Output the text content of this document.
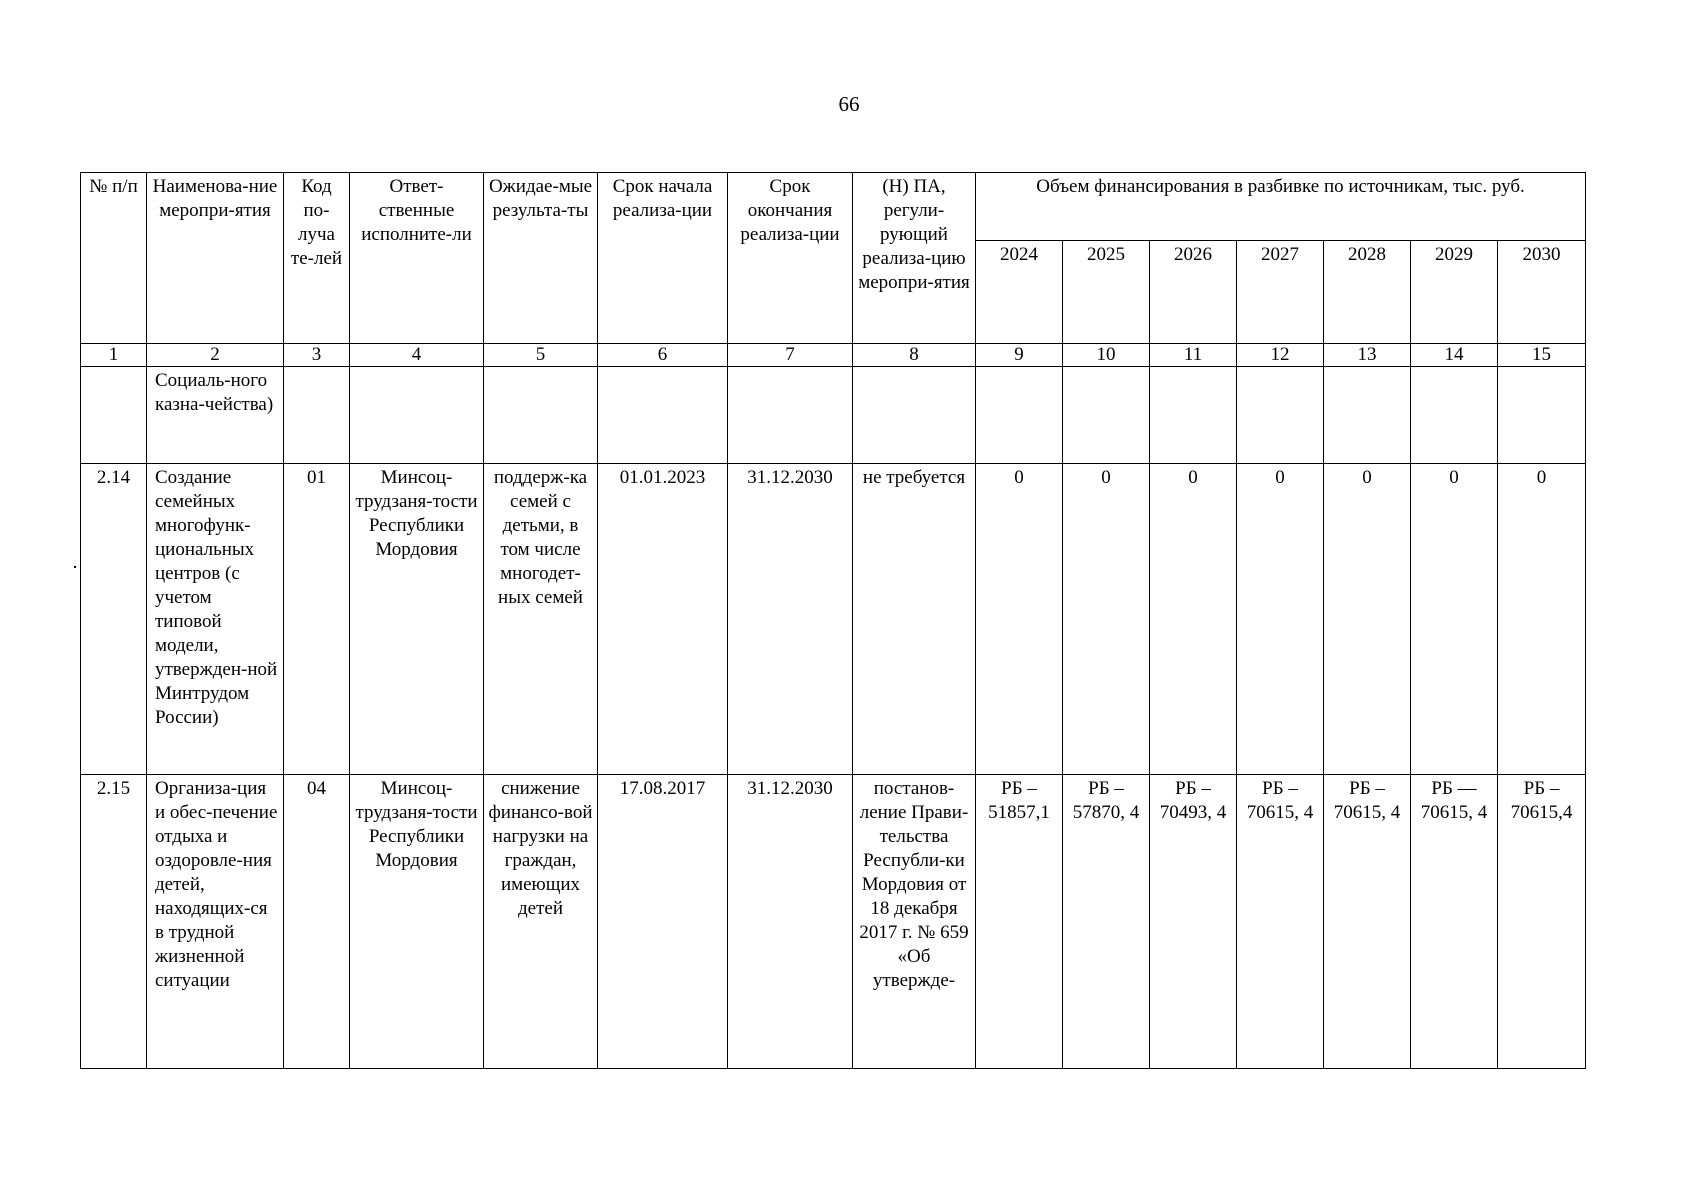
66
№ п/п	Наименова-ние меропри-ятия	Код по-луча те-лей	Ответ-ственные исполните-ли	Ожидае-мые результа-ты	Срок начала реализа-ции	Срок окончания реализа-ции	(Н) ПА, регули-рующий реализа-цию меропри-ятия	Объем финансирования в разбивке по источникам, тыс. руб.						
								2024	2025	2026	2027	2028	2029	2030
1	2	3	4	5	6	7	8	9	10	11	12	13	14	15
	Социаль-ного казна-чейства)													
2.14	Создание семейных многофунк-циональных центров (с учетом типовой модели, утвержден-ной Минтрудом России)	01	Минсоц-трудзаня-тости Республики Мордовия	поддерж-ка семей с детьми, в том числе многодет-ных семей	01.01.2023	31.12.2030	не требуется	0	0	0	0	0	0	0
2.15	Организа-ция и обес-печение отдыха и оздоровле-ния детей, находящих-ся в трудной жизненной ситуации	04	Минсоц-трудзаня-тости Республики Мордовия	снижение финансо-вой нагрузки на граждан, имеющих детей	17.08.2017	31.12.2030	постанов-ление Прави-тельства Республи-ки Мордовия от 18 декабря 2017 г. № 659 «Об утвержде-	РБ – 51857,1	РБ – 57870, 4	РБ – 70493, 4	РБ – 70615, 4	РБ – 70615, 4	РБ — 70615, 4	РБ – 70615,4
